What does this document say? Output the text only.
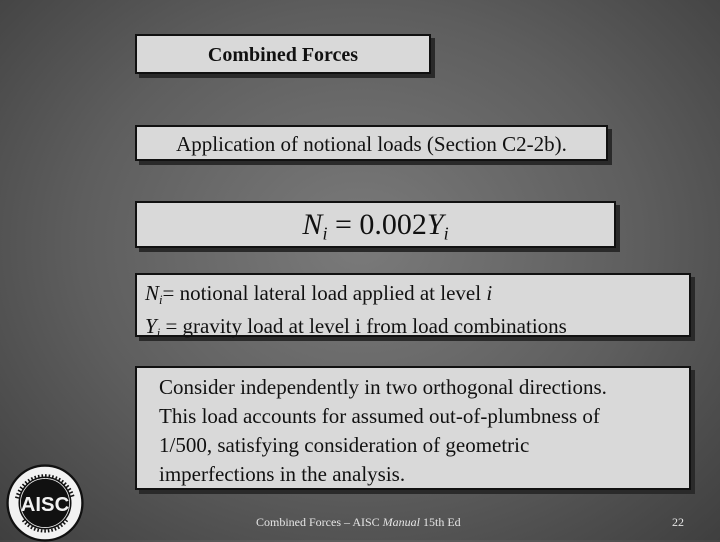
Combined Forces
Application of notional loads (Section C2-2b).
$N_i = 0.002Y_i$
$N_i=$ notional lateral load applied at level i
$Y_i$ = gravity load at level i from load combinations
Consider independently in two orthogonal directions.
This load accounts for assumed out-of-plumbness of
1/500, satisfying consideration of geometric
imperfections in the analysis.
AISC
Combined Forces – AISC Manual 15th Ed	22
